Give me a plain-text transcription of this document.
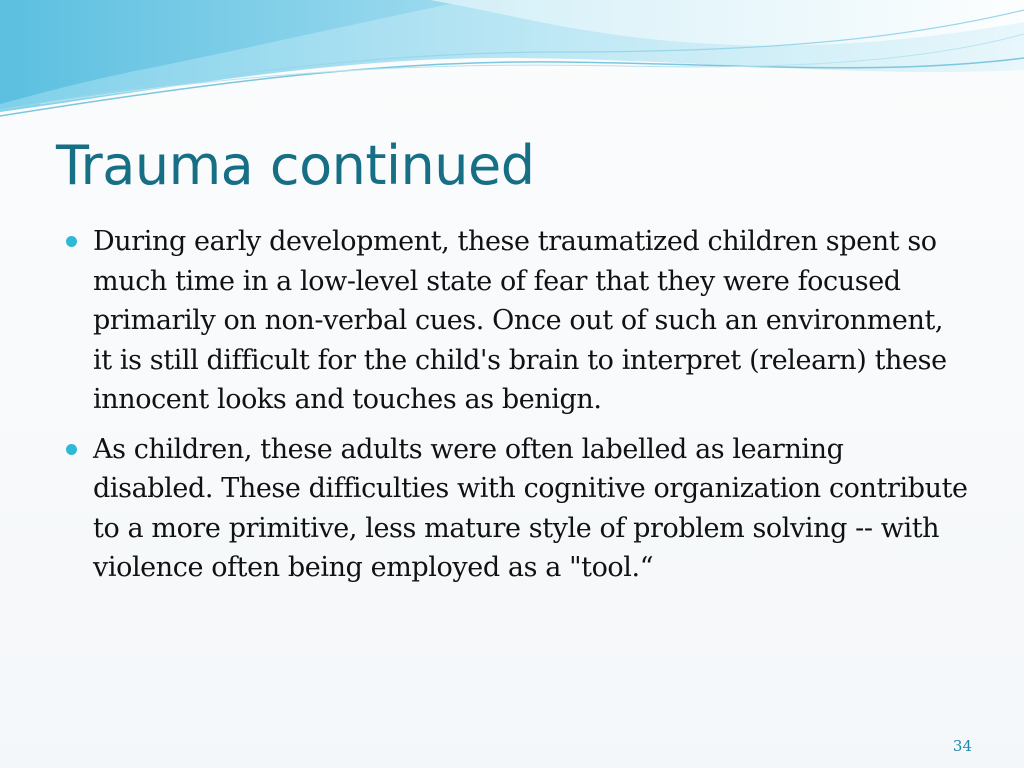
Trauma continued
During early development, these traumatized children spent so much time in a low-level state of fear that they were focused primarily on non-verbal cues. Once out of such an environment, it is still difficult for the child's brain to interpret (relearn) these innocent looks and touches as benign.
As children, these adults were often labelled as learning disabled. These difficulties with cognitive organization contribute to a more primitive, less mature style of problem solving -- with violence often being employed as a "tool.“
34
